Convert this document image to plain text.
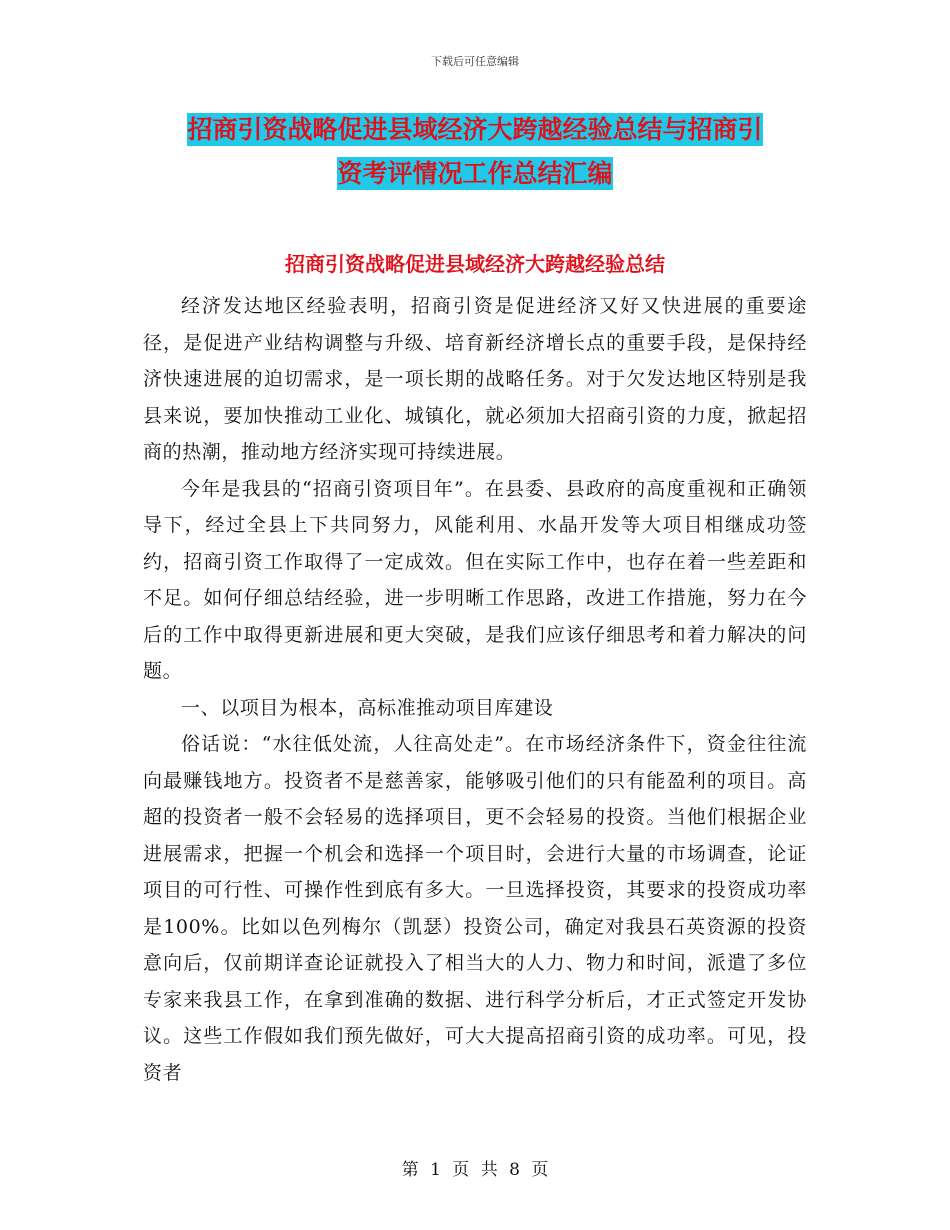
下载后可任意编辑
招商引资战略促进县域经济大跨越经验总结与招商引
资考评情况工作总结汇编
招商引资战略促进县域经济大跨越经验总结

经济发达地区经验表明，招商引资是促进经济又好又快进展的重要途径，是促进产业结构调整与升级、培育新经济增长点的重要手段，是保持经济快速进展的迫切需求，是一项长期的战略任务。对于欠发达地区特别是我县来说，要加快推动工业化、城镇化，就必须加大招商引资的力度，掀起招商的热潮，推动地方经济实现可持续进展。

今年是我县的“招商引资项目年”。在县委、县政府的高度重视和正确领导下，经过全县上下共同努力，风能利用、水晶开发等大项目相继成功签约，招商引资工作取得了一定成效。但在实际工作中，也存在着一些差距和不足。如何仔细总结经验，进一步明晰工作思路，改进工作措施，努力在今后的工作中取得更新进展和更大突破，是我们应该仔细思考和着力解决的问题。

一、以项目为根本，高标准推动项目库建设

俗话说：“水往低处流，人往高处走”。在市场经济条件下，资金往往流向最赚钱地方。投资者不是慈善家，能够吸引他们的只有能盈利的项目。高超的投资者一般不会轻易的选择项目，更不会轻易的投资。当他们根据企业进展需求，把握一个机会和选择一个项目时，会进行大量的市场调查，论证项目的可行性、可操作性到底有多大。一旦选择投资，其要求的投资成功率是100%。比如以色列梅尔（凯瑟）投资公司，确定对我县石英资源的投资意向后，仅前期详查论证就投入了相当大的人力、物力和时间，派遣了多位专家来我县工作，在拿到准确的数据、进行科学分析后，才正式签定开发协议。这些工作假如我们预先做好，可大大提高招商引资的成功率。可见，投资者

第 1 页 共 8 页
